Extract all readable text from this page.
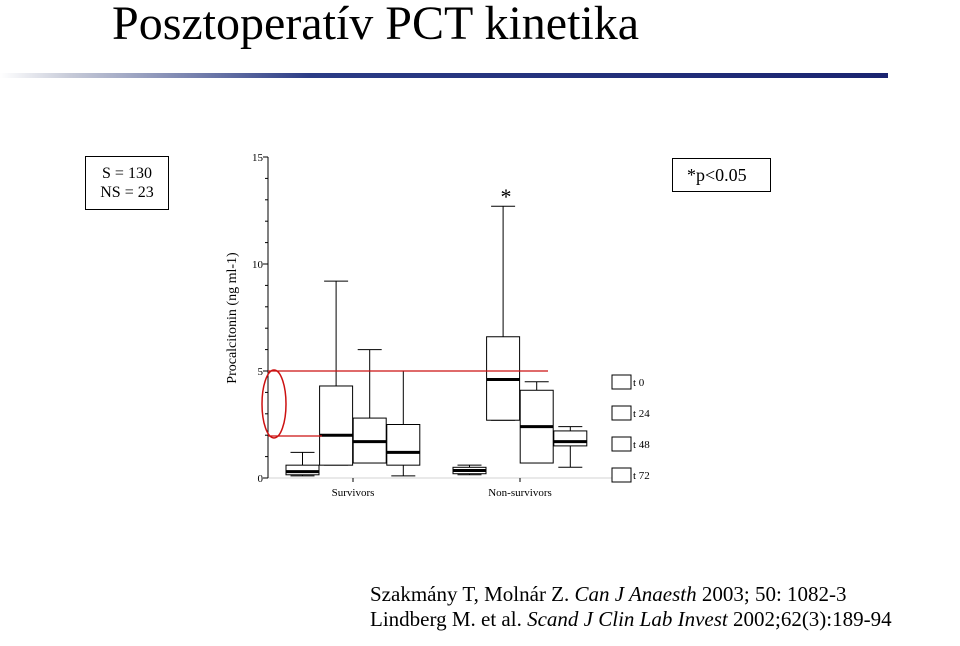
Posztoperatív PCT kinetika
S = 130
NS = 23
*p<0.05
0
5
10
15
Procalcitonin (ng ml-1)
Survivors	Non-survivors
*
t 0
t 24
t 48
t 72
Szakmány T, Molnár Z. Can J Anaesth 2003; 50: 1082-3
Lindberg M. et al. Scand J Clin Lab Invest 2002;62(3):189-94
